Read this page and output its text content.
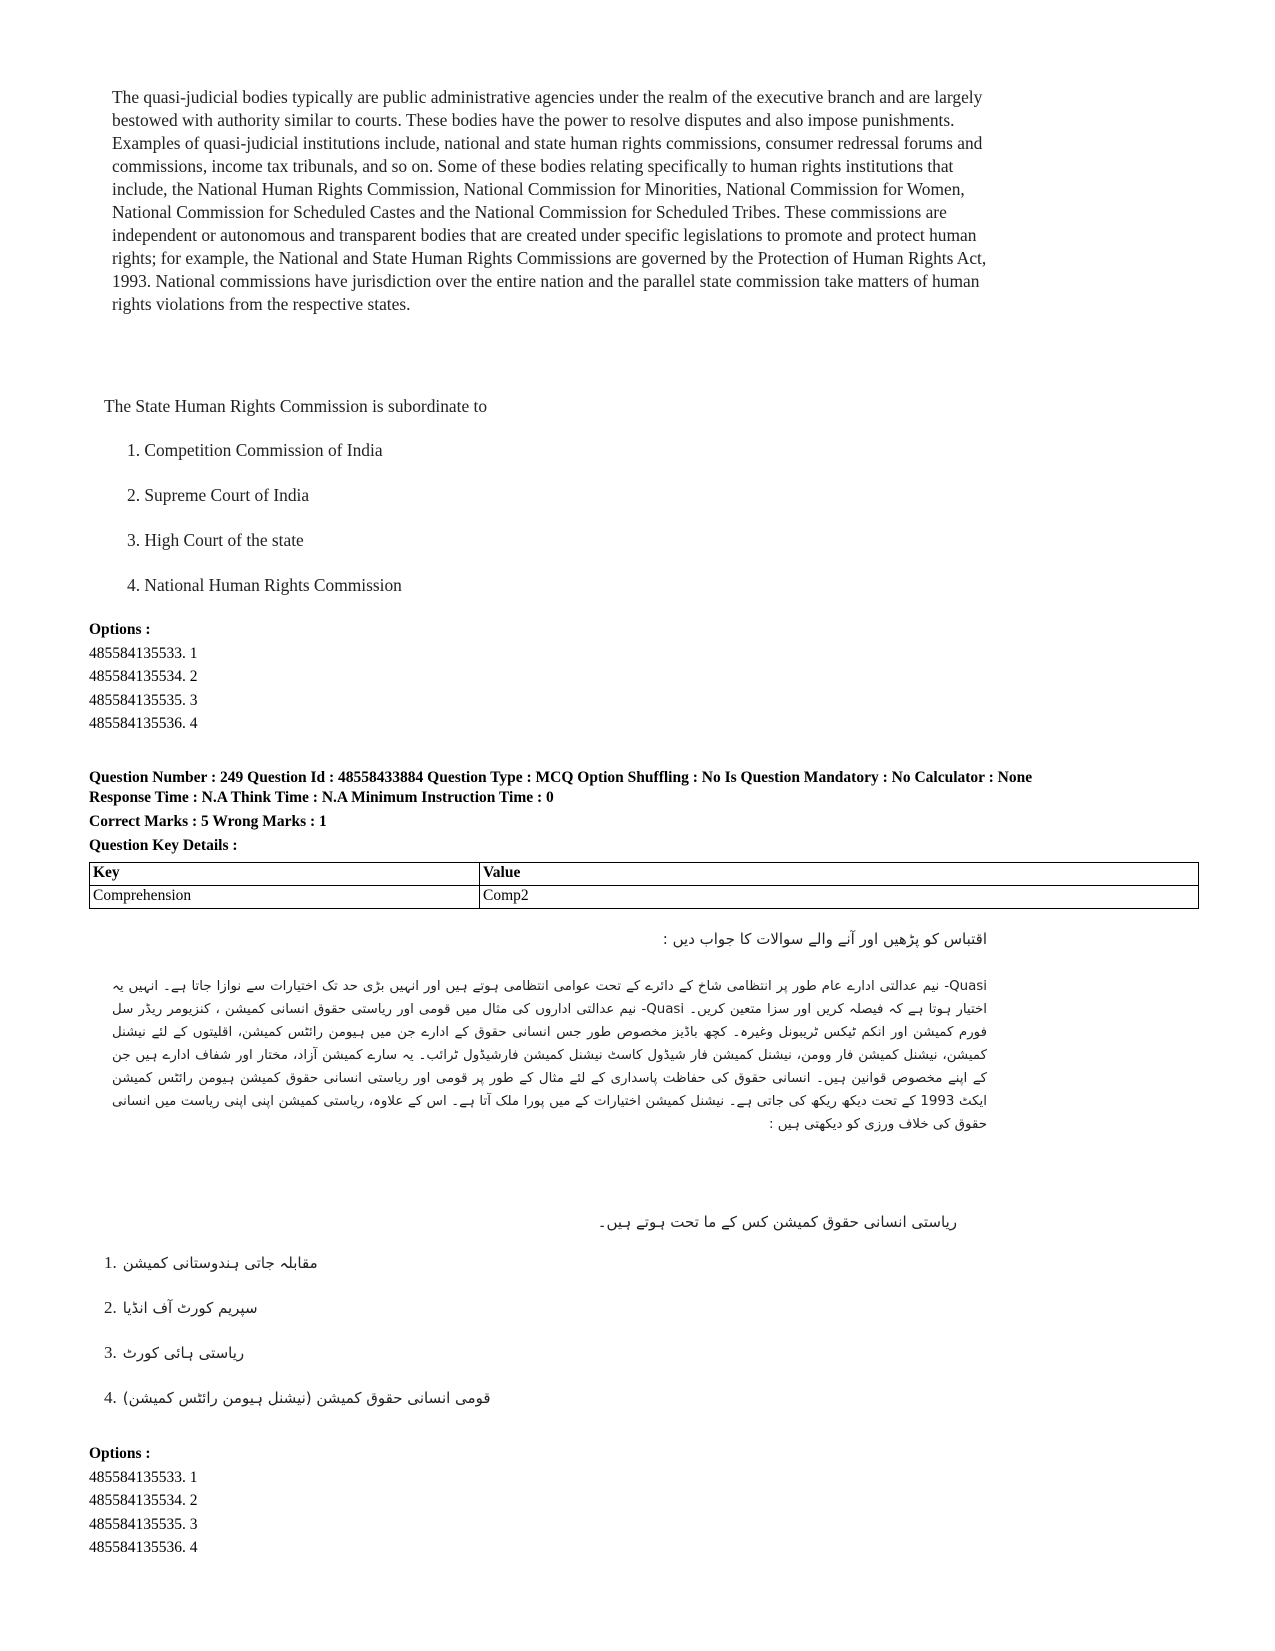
The quasi-judicial bodies typically are public administrative agencies under the realm of the executive branch and are largely bestowed with authority similar to courts. These bodies have the power to resolve disputes and also impose punishments. Examples of quasi-judicial institutions include, national and state human rights commissions, consumer redressal forums and commissions, income tax tribunals, and so on. Some of these bodies relating specifically to human rights institutions that include, the National Human Rights Commission, National Commission for Minorities, National Commission for Women, National Commission for Scheduled Castes and the National Commission for Scheduled Tribes. These commissions are independent or autonomous and transparent bodies that are created under specific legislations to promote and protect human rights; for example, the National and State Human Rights Commissions are governed by the Protection of Human Rights Act, 1993. National commissions have jurisdiction over the entire nation and the parallel state commission take matters of human rights violations from the respective states.

The State Human Rights Commission is subordinate to
1. Competition Commission of India
2. Supreme Court of India
3. High Court of the state
4. National Human Rights Commission
Options :
485584135533. 1
485584135534. 2
485584135535. 3
485584135536. 4

Question Number : 249 Question Id : 48558433884 Question Type : MCQ Option Shuffling : No Is Question Mandatory : No Calculator : None

Response Time : N.A Think Time : N.A Minimum Instruction Time : 0

Correct Marks : 5 Wrong Marks : 1

Question Key Details :

Key	Value
Comprehension	Comp2
اقتباس کو پڑھیں اور آنے والے سوالات کا جواب دیں :

Quasi- نیم عدالتی ادارے عام طور پر انتظامی شاخ کے دائرے کے تحت عوامی انتظامی ہوتے ہیں اور انہیں بڑی حد تک اختیارات سے نوازا جاتا ہے۔ انہیں یہ اختیار ہوتا ہے کہ فیصلہ کریں اور سزا متعین کریں۔ Quasi- نیم عدالتی اداروں کی مثال میں قومی اور ریاستی حقوق انسانی کمیشن ، کنزیومر ریڈر سل فورم کمیشن اور انکم ٹیکس ٹریبونل وغیرہ۔ کچھ باڈیز مخصوص طور جس انسانی حقوق کے ادارے جن میں ہیومن رائٹس کمیشن، اقلیتوں کے لئے نیشنل کمیشن، نیشنل کمیشن فار وومن، نیشنل کمیشن فار شیڈول کاسٹ نیشنل کمیشن فارشیڈول ٹرائب۔ یہ سارے کمیشن آزاد، مختار اور شفاف ادارے ہیں جن کے اپنے مخصوص قوانین ہیں۔ انسانی حقوق کی حفاظت پاسداری کے لئے مثال کے طور پر قومی اور ریاستی انسانی حقوق کمیشن ہیومن رائٹس کمیشن ایکٹ 1993 کے تحت دیکھ ریکھ کی جاتی ہے۔ نیشنل کمیشن اختیارات کے میں پورا ملک آتا ہے۔ اس کے علاوہ، ریاستی کمیشن اپنی اپنی ریاست میں انسانی حقوق کی خلاف ورزی کو دیکھتی ہیں :

ریاستی انسانی حقوق کمیشن کس کے ما تحت ہوتے ہیں۔
1. مقابلہ جاتی ہندوستانی کمیشن
2. سپریم کورٹ آف انڈیا
3. ریاستی ہائی کورٹ
4. قومی انسانی حقوق کمیشن (نیشنل ہیومن رائٹس کمیشن)
Options :
485584135533. 1
485584135534. 2
485584135535. 3
485584135536. 4
